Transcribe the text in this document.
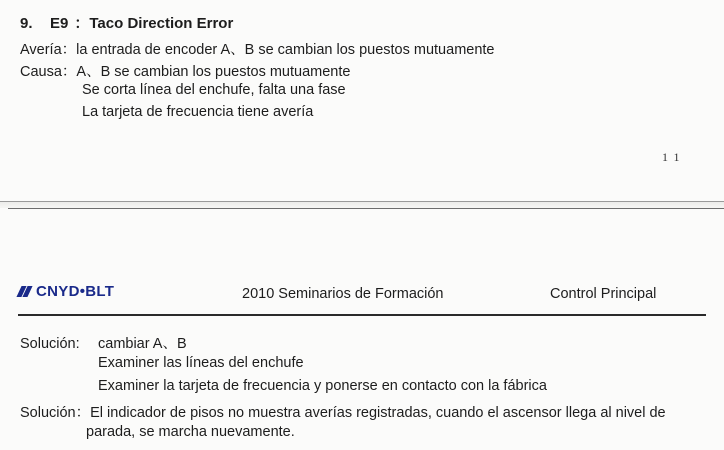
9. E9 ：Taco Direction Error
Avería：la entrada de encoder A、B se cambian los puestos mutuamente
Causa：A、B se cambian los puestos mutuamente
Se corta línea del enchufe, falta una fase
La tarjeta de frecuencia tiene avería
11
CNYD•BLT	2010 Seminarios de Formación	Control Principal
Solución: cambiar A、B
Examiner las líneas del enchufe
Examiner la tarjeta de frecuencia y ponerse en contacto con la fábrica
Solución：El indicador de pisos no muestra averías registradas, cuando el ascensor llega al nivel de
parada, se marcha nuevamente.
